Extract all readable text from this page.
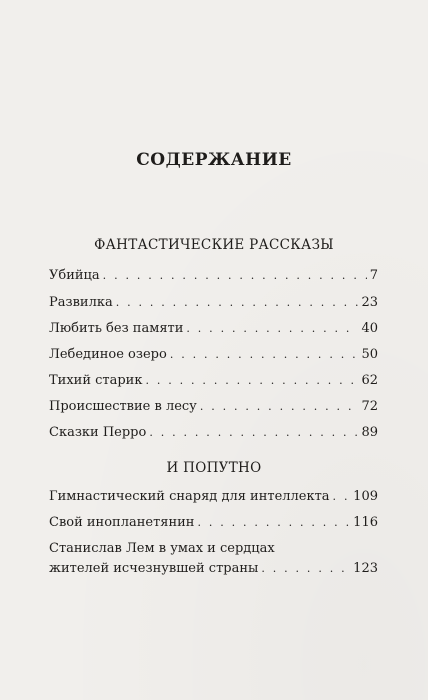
СОДЕРЖАНИЕ
ФАНТАСТИЧЕСКИЕ РАССКАЗЫ
Убийца . . .	7
Развилка . . .	23
Любить без памяти . . .	40
Лебединое озеро . . .	50
Тихий старик . . .	62
Происшествие в лесу . . .	72
Сказки Перро . . .	89
И ПОПУТНО
Гимнастический снаряд для интеллекта . . . 109
Свой инопланетянин . . .	116
Станислав Лем в умах и сердцах
жителей исчезнувшей страны . . .	123
